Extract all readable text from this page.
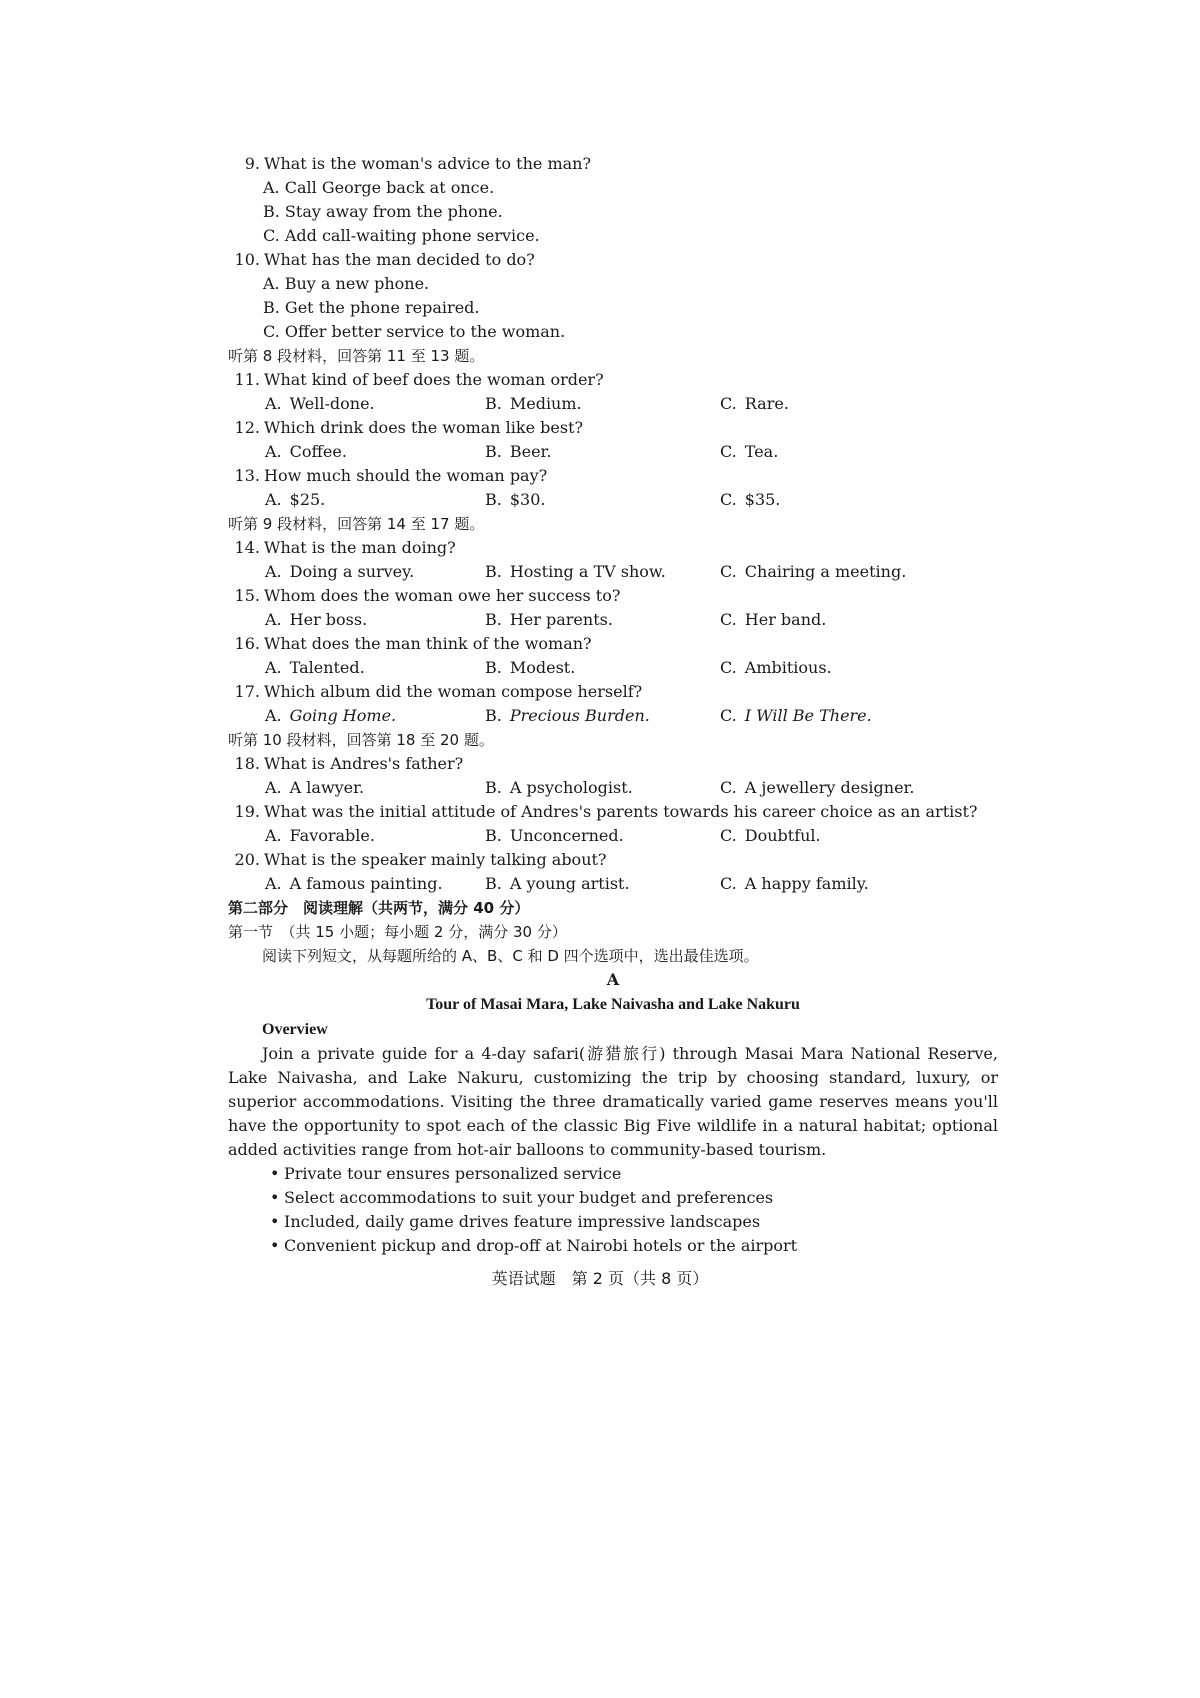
9. What is the woman's advice to the man?
A. Call George back at once.
B. Stay away from the phone.
C. Add call-waiting phone service.
10. What has the man decided to do?
A. Buy a new phone.
B. Get the phone repaired.
C. Offer better service to the woman.
听第 8 段材料，回答第 11 至 13 题。
11. What kind of beef does the woman order?
A. Well-done.	B. Medium.	C. Rare.
12. Which drink does the woman like best?
A. Coffee.	B. Beer.	C. Tea.
13. How much should the woman pay?
A. $25.	B. $30.	C. $35.
听第 9 段材料，回答第 14 至 17 题。
14. What is the man doing?
A. Doing a survey.	B. Hosting a TV show.	C. Chairing a meeting.
15. Whom does the woman owe her success to?
A. Her boss.	B. Her parents.	C. Her band.
16. What does the man think of the woman?
A. Talented.	B. Modest.	C. Ambitious.
17. Which album did the woman compose herself?
A. Going Home.	B. Precious Burden.	C. I Will Be There.
听第 10 段材料，回答第 18 至 20 题。
18. What is Andres's father?
A. A lawyer.	B. A psychologist.	C. A jewellery designer.
19. What was the initial attitude of Andres's parents towards his career choice as an artist?
A. Favorable.	B. Unconcerned.	C. Doubtful.
20. What is the speaker mainly talking about?
A. A famous painting.	B. A young artist.	C. A happy family.
第二部分　阅读理解（共两节，满分 40 分）
第一节　（共 15 小题；每小题 2 分，满分 30 分）
阅读下列短文，从每题所给的 A、B、C 和 D 四个选项中，选出最佳选项。
A
Tour of Masai Mara, Lake Naivasha and Lake Nakuru
Overview

Join a private guide for a 4-day safari(游猎旅行) through Masai Mara National Reserve, Lake Naivasha, and Lake Nakuru, customizing the trip by choosing standard, luxury, or superior accommodations. Visiting the three dramatically varied game reserves means you'll have the opportunity to spot each of the classic Big Five wildlife in a natural habitat; optional added activities range from hot-air balloons to community-based tourism.

• Private tour ensures personalized service
• Select accommodations to suit your budget and preferences
• Included, daily game drives feature impressive landscapes
• Convenient pickup and drop-off at Nairobi hotels or the airport
英语试题　第 2 页（共 8 页）
